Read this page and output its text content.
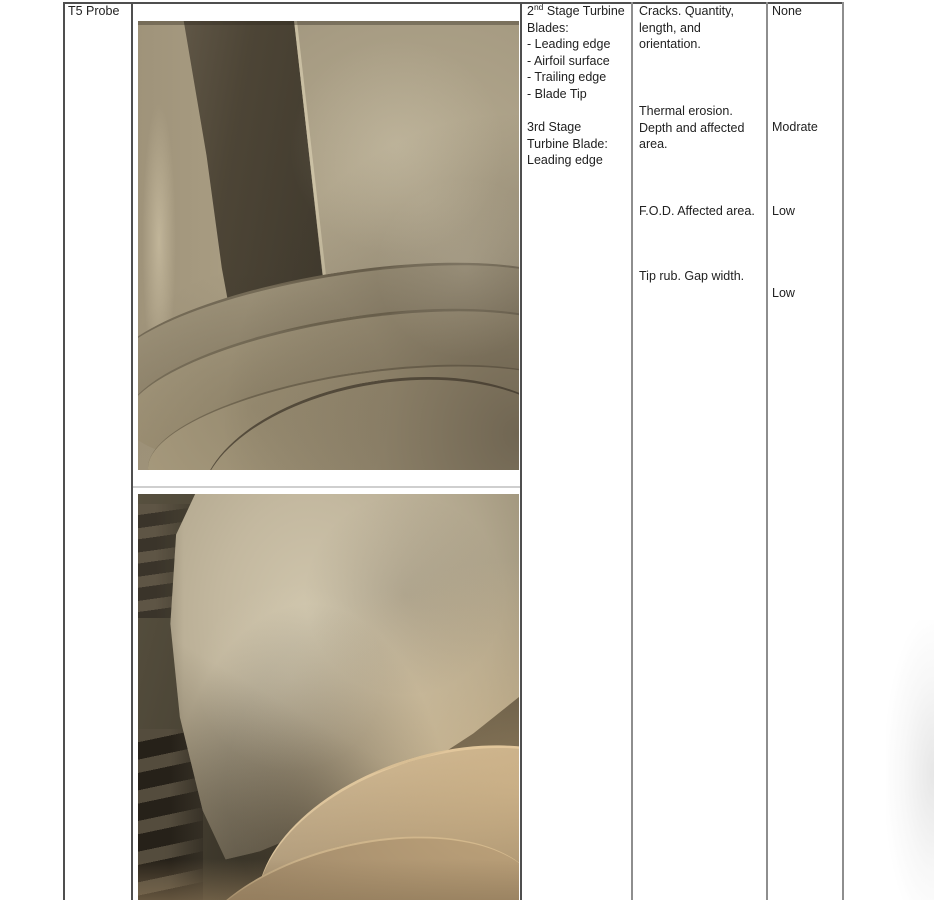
T5 Probe	2nd Stage Turbine
Blades:
- Leading edge
- Airfoil surface
- Trailing edge
- Blade Tip
3rd Stage
Turbine Blade:
Leading edge
Cracks. Quantity,
length, and
orientation.
Thermal erosion.
Depth and affected
area.
F.O.D. Affected area.
Tip rub. Gap width.
None
Modrate
Low
Low
